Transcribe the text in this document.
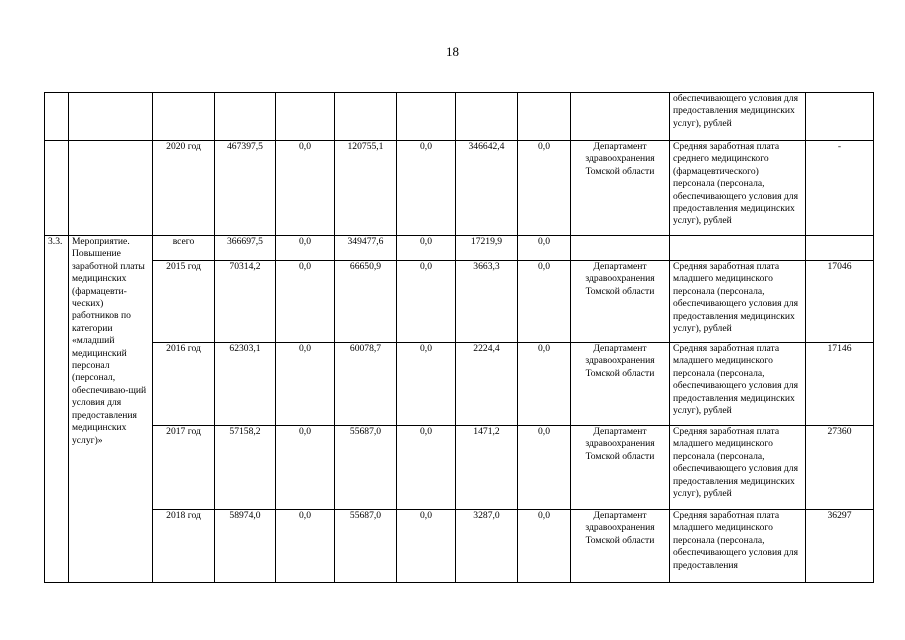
18
										обеспечивающего условия для предоставления медицинских услуг), рублей	
		2020 год	467397,5	0,0	120755,1	0,0	346642,4	0,0	Департамент здравоохранения Томской области	Средняя заработная плата среднего медицинского (фармацевтического) персонала (персонала, обеспечивающего условия для предоставления медицинских услуг), рублей	-
3.3.	Мероприятие. Повышение заработной платы медицинских (фармацевти-ческих) работников по категории «младший медицинский персонал (персонал, обеспечиваю-щий условия для предоставления медицинских услуг)»	всего	366697,5	0,0	349477,6	0,0	17219,9	0,0			
		2015 год	70314,2	0,0	66650,9	0,0	3663,3	0,0	Департамент здравоохранения Томской области	Средняя заработная плата младшего медицинского персонала (персонала, обеспечивающего условия для предоставления медицинских услуг), рублей	17046
		2016 год	62303,1	0,0	60078,7	0,0	2224,4	0,0	Департамент здравоохранения Томской области	Средняя заработная плата младшего медицинского персонала (персонала, обеспечивающего условия для предоставления медицинских услуг), рублей	17146
		2017 год	57158,2	0,0	55687,0	0,0	1471,2	0,0	Департамент здравоохранения Томской области	Средняя заработная плата младшего медицинского персонала (персонала, обеспечивающего условия для предоставления медицинских услуг), рублей	27360
		2018 год	58974,0	0,0	55687,0	0,0	3287,0	0,0	Департамент здравоохранения Томской области	Средняя заработная плата младшего медицинского персонала (персонала, обеспечивающего условия для предоставления	36297
